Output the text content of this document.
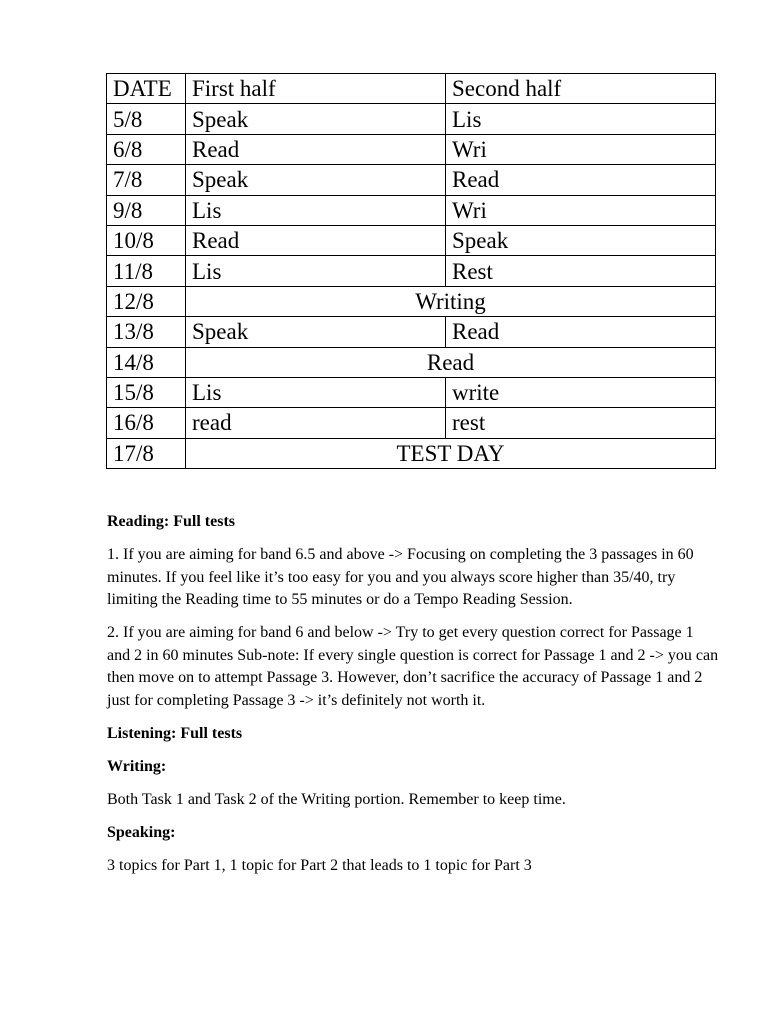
DATE	First half	Second half
5/8	Speak	Lis
6/8	Read	Wri
7/8	Speak	Read
9/8	Lis	Wri
10/8	Read	Speak
11/8	Lis	Rest
12/8	Writing	
13/8	Speak	Read
14/8	Read	
15/8	Lis	write
16/8	read	rest
17/8	TEST DAY	

Reading: Full tests

1. If you are aiming for band 6.5 and above -> Focusing on completing the 3 passages in 60 minutes. If you feel like it’s too easy for you and you always score higher than 35/40, try limiting the Reading time to 55 minutes or do a Tempo Reading Session.

2. If you are aiming for band 6 and below -> Try to get every question correct for Passage 1 and 2 in 60 minutes Sub-note: If every single question is correct for Passage 1 and 2 -> you can then move on to attempt Passage 3. However, don’t sacrifice the accuracy of Passage 1 and 2 just for completing Passage 3 -> it’s definitely not worth it.

Listening: Full tests

Writing:

Both Task 1 and Task 2 of the Writing portion. Remember to keep time.

Speaking:

3 topics for Part 1, 1 topic for Part 2 that leads to 1 topic for Part 3
